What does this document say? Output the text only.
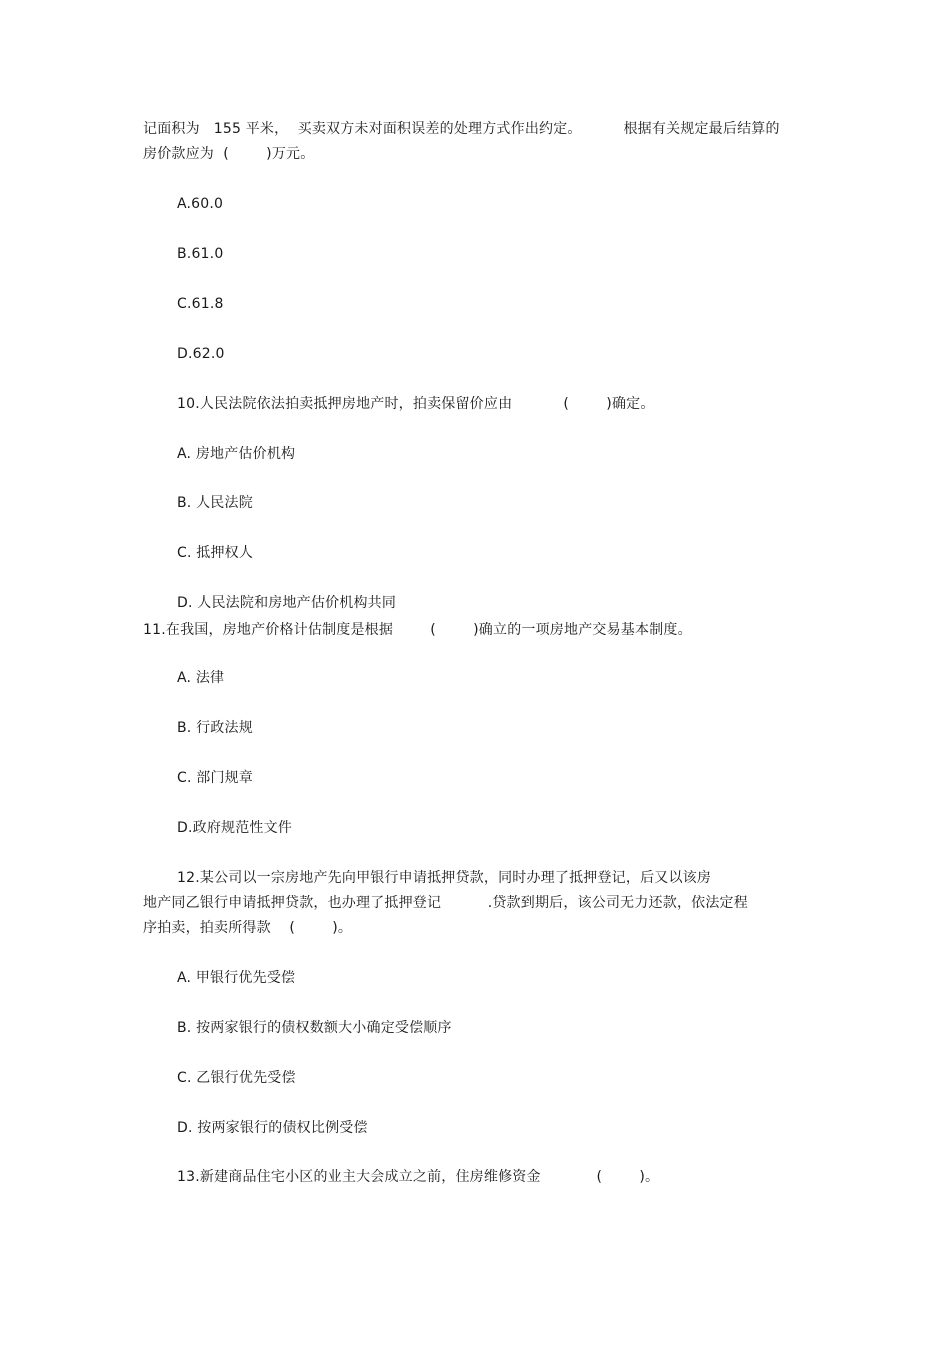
记面积为   155 平米，  买卖双方未对面积误差的处理方式作出约定。         根据有关规定最后结算的
房价款应为  (        )万元。
A.60.0
B.61.0
C.61.8
D.62.0
10.人民法院依法拍卖抵押房地产时，拍卖保留价应由           (        )确定。
A. 房地产估价机构
B. 人民法院
C. 抵押权人
D. 人民法院和房地产估价机构共同
11.在我国，房地产价格计估制度是根据        (        )确立的一项房地产交易基本制度。
A. 法律
B. 行政法规
C. 部门规章
D.政府规范性文件
12.某公司以一宗房地产先向甲银行申请抵押贷款，同时办理了抵押登记，后又以该房
地产同乙银行申请抵押贷款，也办理了抵押登记          .贷款到期后，该公司无力还款，依法定程
序拍卖，拍卖所得款    (        )。
A. 甲银行优先受偿
B. 按两家银行的债权数额大小确定受偿顺序
C. 乙银行优先受偿
D. 按两家银行的债权比例受偿
13.新建商品住宅小区的业主大会成立之前，住房维修资金            (        )。
